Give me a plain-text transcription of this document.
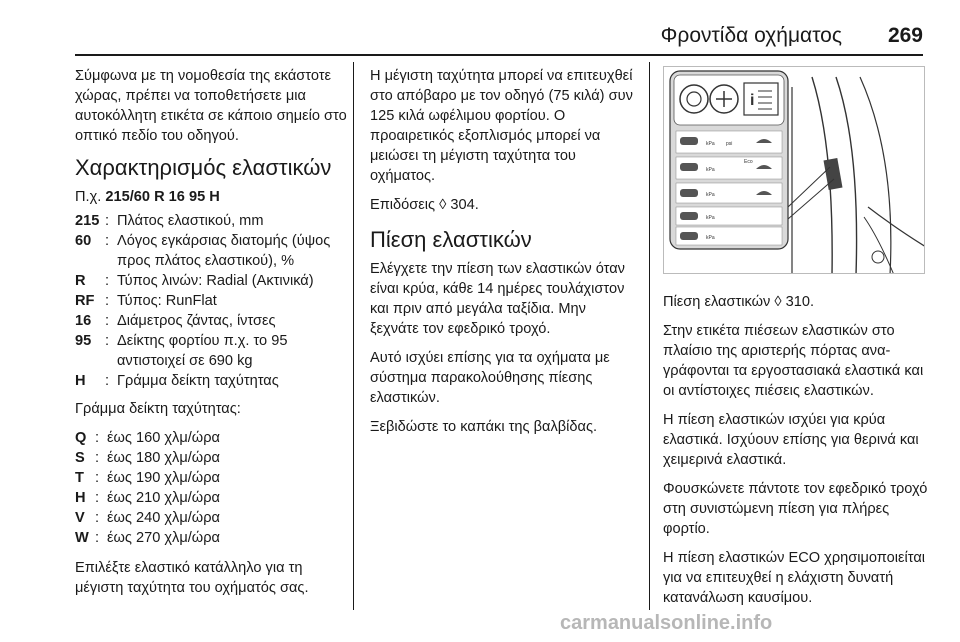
Φροντίδα οχήματος 269

Σύμφωνα με τη νομοθεσία της εκάστοτε χώρας, πρέπει να τοποθετήσετε μια αυτοκόλλητη ετικέτα σε κάποιο σημείο στο οπτικό πεδίο του οδηγού.

Χαρακτηρισμός ελαστικών

Π.χ. 215/60 R 16 95 H

215 : Πλάτος ελαστικού, mm
60 : Λόγος εγκάρσιας διατομής (ύψος προς πλάτος ελαστικού), %
R	: Τύπος λινών: Radial (Ακτινικά)
RF : Τύπος: RunFlat
16 : Διάμετρος ζάντας, ίντσες
95 : Δείκτης φορτίου π.χ. το 95 αντιστοιχεί σε 690 kg
H	: Γράμμα δείκτη ταχύτητας

Γράμμα δείκτη ταχύτητας:

Q : έως 160 χλμ/ώρα
S : έως 180 χλμ/ώρα
T : έως 190 χλμ/ώρα
H : έως 210 χλμ/ώρα
V : έως 240 χλμ/ώρα
W : έως 270 χλμ/ώρα

Επιλέξτε ελαστικό κατάλληλο για τη μέγιστη ταχύτητα του οχήματός σας.

Η μέγιστη ταχύτητα μπορεί να επιτευχθεί στο απόβαρο με τον οδηγό (75 κιλά) συν 125 κιλά ωφέλιμου φορτίου. Ο προαιρετικός εξοπλισμός μπορεί να μειώσει τη μέγιστη ταχύτητα του οχήματος.

Επιδόσεις ◊ 304.

Πίεση ελαστικών

Ελέγχετε την πίεση των ελαστικών όταν είναι κρύα, κάθε 14 ημέρες τουλάχιστον και πριν από μεγάλα ταξίδια. Μην ξεχνάτε τον εφεδρικό τροχό.

Αυτό ισχύει επίσης για τα οχήματα με σύστημα παρακολούθησης πίεσης ελαστικών.

Ξεβιδώστε το καπάκι της βαλβίδας.

i
kPa psi
kPa
Eco
kPa
kPa
kPa

Πίεση ελαστικών ◊ 310.

Στην ετικέτα πιέσεων ελαστικών στο πλαίσιο της αριστερής πόρτας αναγράφονται τα εργοστασιακά ελαστικά και οι αντίστοιχες πιέσεις ελαστικών.

Η πίεση ελαστικών ισχύει για κρύα ελαστικά. Ισχύουν επίσης για θερινά και χειμερινά ελαστικά.

Φουσκώνετε πάντοτε τον εφεδρικό τροχό στη συνιστώμενη πίεση για πλήρες φορτίο.

Η πίεση ελαστικών ECO χρησιμοποιείται για να επιτευχθεί η ελάχιστη δυνατή κατανάλωση καυσίμου.

carmanualsonline.info
